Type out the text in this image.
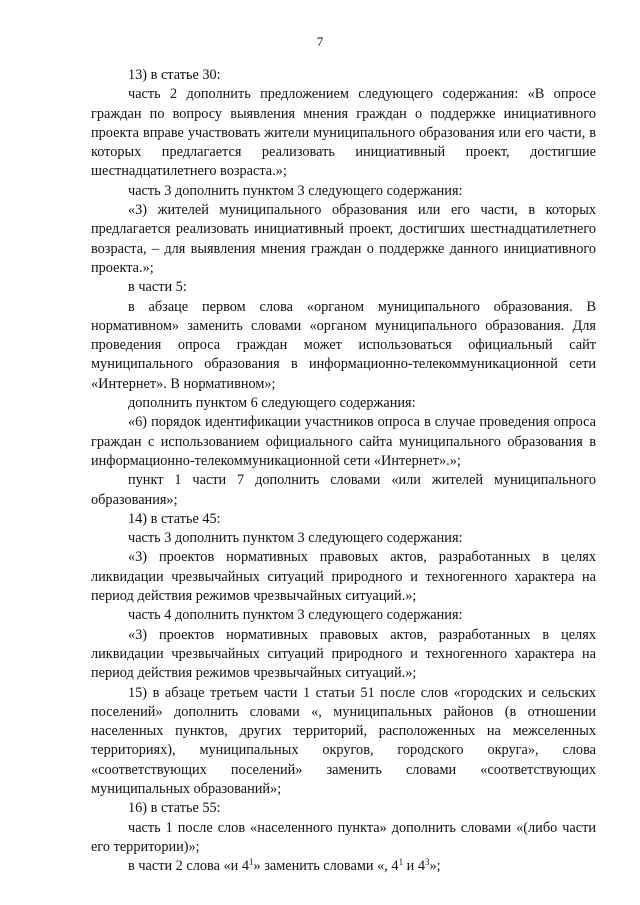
7

13) в статье 30:

часть 2 дополнить предложением следующего содержания: «В опросе граждан по вопросу выявления мнения граждан о поддержке инициативного проекта вправе участвовать жители муниципального образования или его части, в которых предлагается реализовать инициативный проект, достигшие шестнадцатилетнего возраста.»;

часть 3 дополнить пунктом 3 следующего содержания:

«3) жителей муниципального образования или его части, в которых предлагается реализовать инициативный проект, достигших шестнадцатилетнего возраста, – для выявления мнения граждан о поддержке данного инициативного проекта.»;

в части 5:

в абзаце первом слова «органом муниципального образования. В нормативном» заменить словами «органом муниципального образования. Для проведения опроса граждан может использоваться официальный сайт муниципального образования в информационно-телекоммуникационной сети «Интернет». В нормативном»;

дополнить пунктом 6 следующего содержания:

«6) порядок идентификации участников опроса в случае проведения опроса граждан с использованием официального сайта муниципального образования в информационно-телекоммуникационной сети «Интернет».»;

пункт 1 части 7 дополнить словами «или жителей муниципального образования»;

14) в статье 45:

часть 3 дополнить пунктом 3 следующего содержания:

«3) проектов нормативных правовых актов, разработанных в целях ликвидации чрезвычайных ситуаций природного и техногенного характера на период действия режимов чрезвычайных ситуаций.»;

часть 4 дополнить пунктом 3 следующего содержания:

«3) проектов нормативных правовых актов, разработанных в целях ликвидации чрезвычайных ситуаций природного и техногенного характера на период действия режимов чрезвычайных ситуаций.»;

15) в абзаце третьем части 1 статьи 51 после слов «городских и сельских поселений» дополнить словами «, муниципальных районов (в отношении населенных пунктов, других территорий, расположенных на межселенных территориях), муниципальных округов, городского округа», слова «соответствующих поселений» заменить словами «соответствующих муниципальных образований»;

16) в статье 55:

часть 1 после слов «населенного пункта» дополнить словами «(либо части его территории)»;

в части 2 слова «и $4^1$» заменить словами «, $4^1$ и $4^3$»;
